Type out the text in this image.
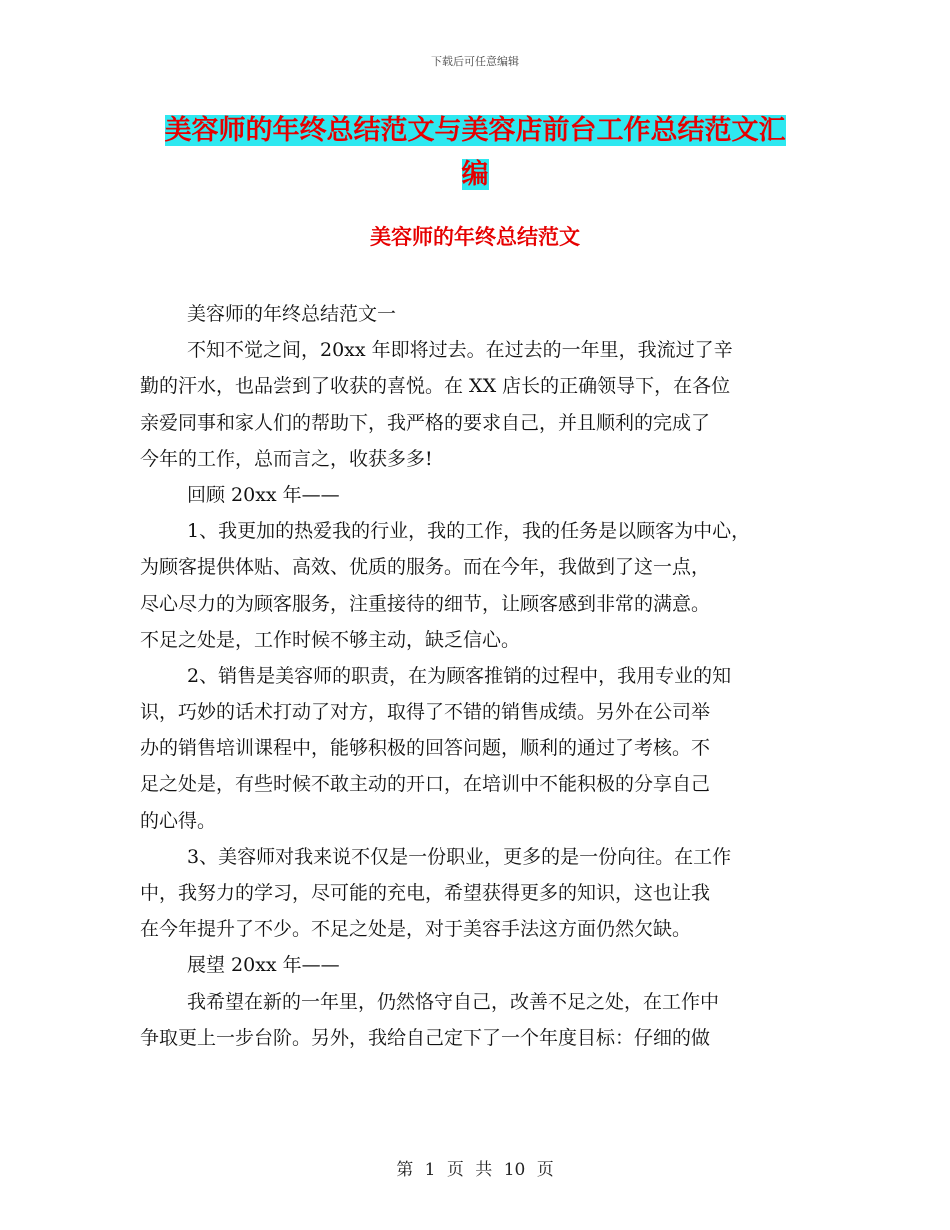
下载后可任意编辑
美容师的年终总结范文与美容店前台工作总结范文汇
编
美容师的年终总结范文
美容师的年终总结范文一
不知不觉之间，20xx 年即将过去。在过去的一年里，我流过了辛
勤的汗水，也品尝到了收获的喜悦。在 XX 店长的正确领导下，在各位
亲爱同事和家人们的帮助下，我严格的要求自己，并且顺利的完成了
今年的工作，总而言之，收获多多!
回顾 20xx 年——
1、我更加的热爱我的行业，我的工作，我的任务是以顾客为中心，
为顾客提供体贴、高效、优质的服务。而在今年，我做到了这一点，
尽心尽力的为顾客服务，注重接待的细节，让顾客感到非常的满意。
不足之处是，工作时候不够主动，缺乏信心。
2、销售是美容师的职责，在为顾客推销的过程中，我用专业的知
识，巧妙的话术打动了对方，取得了不错的销售成绩。另外在公司举
办的销售培训课程中，能够积极的回答问题，顺利的通过了考核。不
足之处是，有些时候不敢主动的开口，在培训中不能积极的分享自己
的心得。
3、美容师对我来说不仅是一份职业，更多的是一份向往。在工作
中，我努力的学习，尽可能的充电，希望获得更多的知识，这也让我
在今年提升了不少。不足之处是，对于美容手法这方面仍然欠缺。
展望 20xx 年——
我希望在新的一年里，仍然恪守自己，改善不足之处，在工作中
争取更上一步台阶。另外，我给自己定下了一个年度目标：仔细的做
第 1 页 共 10 页
